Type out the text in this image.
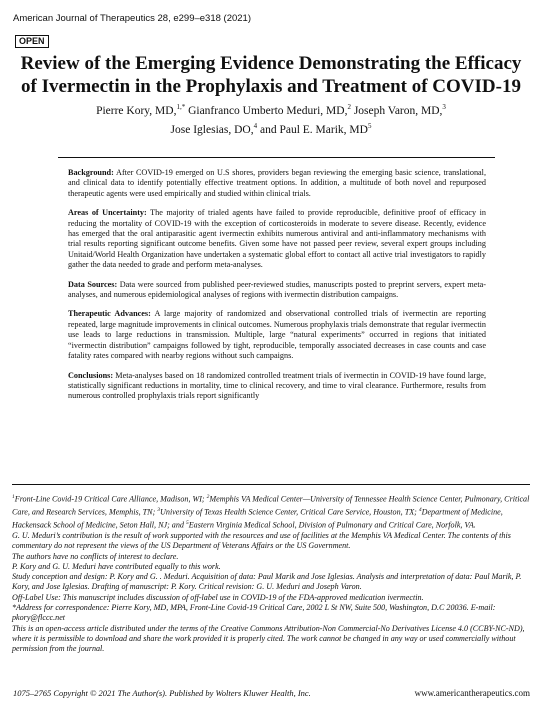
American Journal of Therapeutics 28, e299–e318 (2021)
OPEN
Review of the Emerging Evidence Demonstrating the Efficacy
of Ivermectin in the Prophylaxis and Treatment of COVID-19
Pierre Kory, MD,$^{1,*}$ Gianfranco Umberto Meduri, MD,$^2$ Joseph Varon, MD,$^3$
Jose Iglesias, DO,$^4$ and Paul E. Marik, $MD^5$

Background: After COVID-19 emerged on U.S shores, providers began reviewing the emerging basic science, translational, and clinical data to identify potentially effective treatment options. In addition, a multitude of both novel and repurposed therapeutic agents were used empirically and studied within clinical trials.

Areas of Uncertainty: The majority of trialed agents have failed to provide reproducible, definitive proof of efficacy in reducing the mortality of COVID-19 with the exception of corticosteroids in moderate to severe disease. Recently, evidence has emerged that the oral antiparasitic agent ivermectin exhibits numerous antiviral and anti-inflammatory mechanisms with trial results reporting significant outcome benefits. Given some have not passed peer review, several expert groups including Unitaid/World Health Organization have undertaken a systematic global effort to contact all active trial investigators to rapidly gather the data needed to grade and perform meta-analyses.

Data Sources: Data were sourced from published peer-reviewed studies, manuscripts posted to preprint servers, expert meta-analyses, and numerous epidemiological analyses of regions with ivermectin distribution campaigns.

Therapeutic Advances: A large majority of randomized and observational controlled trials of ivermectin are reporting repeated, large magnitude improvements in clinical outcomes. Numerous prophylaxis trials demonstrate that regular ivermectin use leads to large reductions in transmission. Multiple, large “natural experiments” occurred in regions that initiated “ivermectin distribution” campaigns followed by tight, reproducible, temporally associated decreases in case counts and case fatality rates compared with nearby regions without such campaigns.

Conclusions: Meta-analyses based on 18 randomized controlled treatment trials of ivermectin in COVID-19 have found large, statistically significant reductions in mortality, time to clinical recovery, and time to viral clearance. Furthermore, results from numerous controlled prophylaxis trials report significantly

$^1$Front-Line Covid-19 Critical Care Alliance, Madison, WI; $^2$Memphis VA Medical Center—University of Tennessee Health Science Center, Pulmonary, Critical Care, and Research Services, Memphis, TN; $^3$University of Texas Health Science Center, Critical Care Service, Houston, TX; $^4$Department of Medicine, Hackensack School of Medicine, Seton Hall, NJ; and $^5$Eastern Virginia Medical School, Division of Pulmonary and Critical Care, Norfolk, VA.

G. U. Meduri’s contribution is the result of work supported with the resources and use of facilities at the Memphis VA Medical Center. The contents of this commentary do not represent the views of the US Department of Veterans Affairs or the US Government.

The authors have no conflicts of interest to declare.

P. Kory and G. U. Meduri have contributed equally to this work.

Study conception and design: P. Kory and G. . Meduri. Acquisition of data: Paul Marik and Jose Iglesias. Analysis and interpretation of data: Paul Marik, P. Kory, and Jose Iglesias. Drafting of manuscript: P. Kory. Critical revision: G. U. Meduri and Joseph Varon.

Off-Label Use: This manuscript includes discussion of off-label use in COVID-19 of the FDA-approved medication ivermectin.

*Address for correspondence: Pierre Kory, MD, MPA, Front-Line Covid-19 Critical Care, 2002 L St NW, Suite 500, Washington, D.C 20036. E-mail: pkory@flccc.net

This is an open-access article distributed under the terms of the Creative Commons Attribution-Non Commercial-No Derivatives License 4.0 (CCBY-NC-ND), where it is permissible to download and share the work provided it is properly cited. The work cannot be changed in any way or used commercially without permission from the journal.

1075–2765 Copyright © 2021 The Author(s). Published by Wolters Kluwer Health, Inc.	www.americantherapeutics.com
